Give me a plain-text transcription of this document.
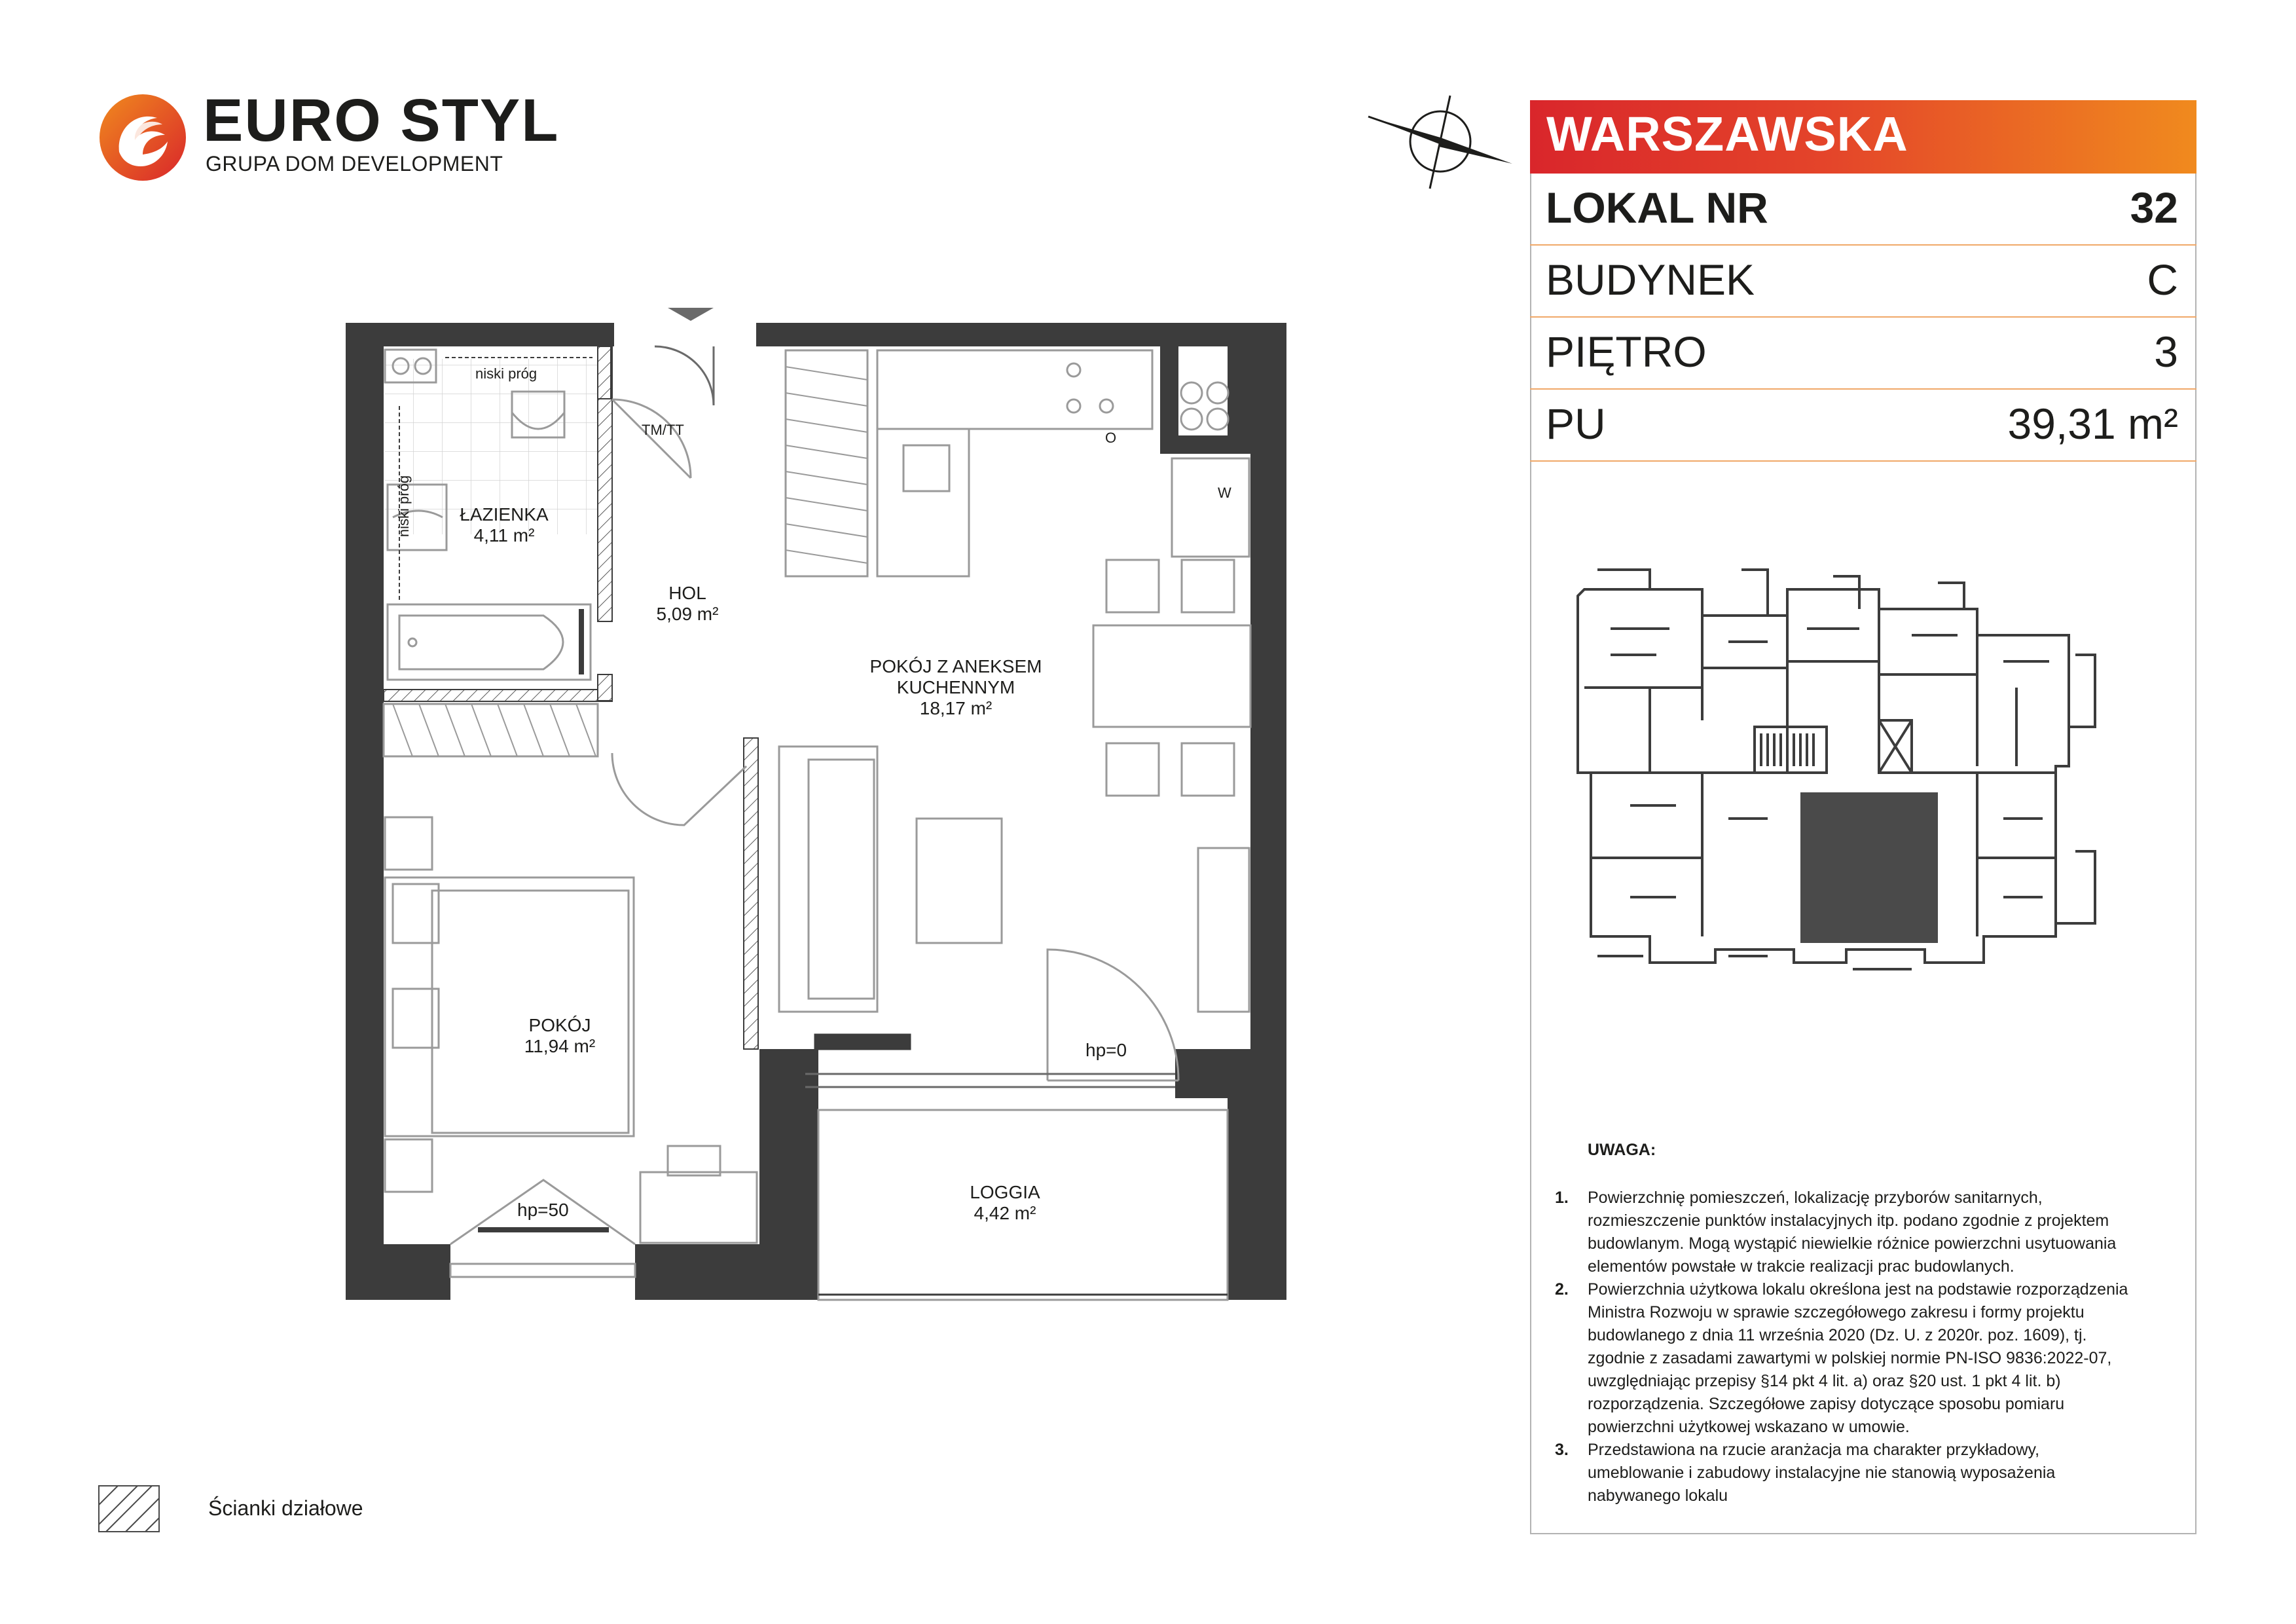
EURO STYL
GRUPA DOM DEVELOPMENT
WARSZAWSKA
LOKAL NR	32
BUDYNEK	C
PIĘTRO	3
PU	39,31 m²
UWAGA:
1. Powierzchnię pomieszczeń, lokalizację przyborów sanitarnych,
rozmieszczenie punktów instalacyjnych itp. podano zgodnie z projektem
budowlanym. Mogą wystąpić niewielkie różnice powierzchni usytuowania
elementów powstałe w trakcie realizacji prac budowlanych.
2. Powierzchnia użytkowa lokalu określona jest na podstawie rozporządzenia
Ministra Rozwoju w sprawie szczegółowego zakresu i formy projektu
budowlanego z dnia 11 września 2020 (Dz. U. z 2020r. poz. 1609), tj.
zgodnie z zasadami zawartymi w polskiej normie PN-ISO 9836:2022-07,
uwzględniając przepisy §14 pkt 4 lit. a) oraz §20 ust. 1 pkt 4 lit. b)
rozporządzenia. Szczegółowe zapisy dotyczące sposobu pomiaru
powierzchni użytkowej wskazano w umowie.
3. Przedstawiona na rzucie aranżacja ma charakter przykładowy,
umeblowanie i zabudowy instalacyjne nie stanowią wyposażenia
nabywanego lokalu
Ścianki działowe
ŁAZIENKA
4,11 m²
HOL
5,09 m²
POKÓJ Z ANEKSEM
KUCHENNYM
18,17 m²
POKÓJ
11,94 m²
LOGGIA
4,42 m²
niski próg
niski próg
TM/TT	O
W
hp=0
hp=50
